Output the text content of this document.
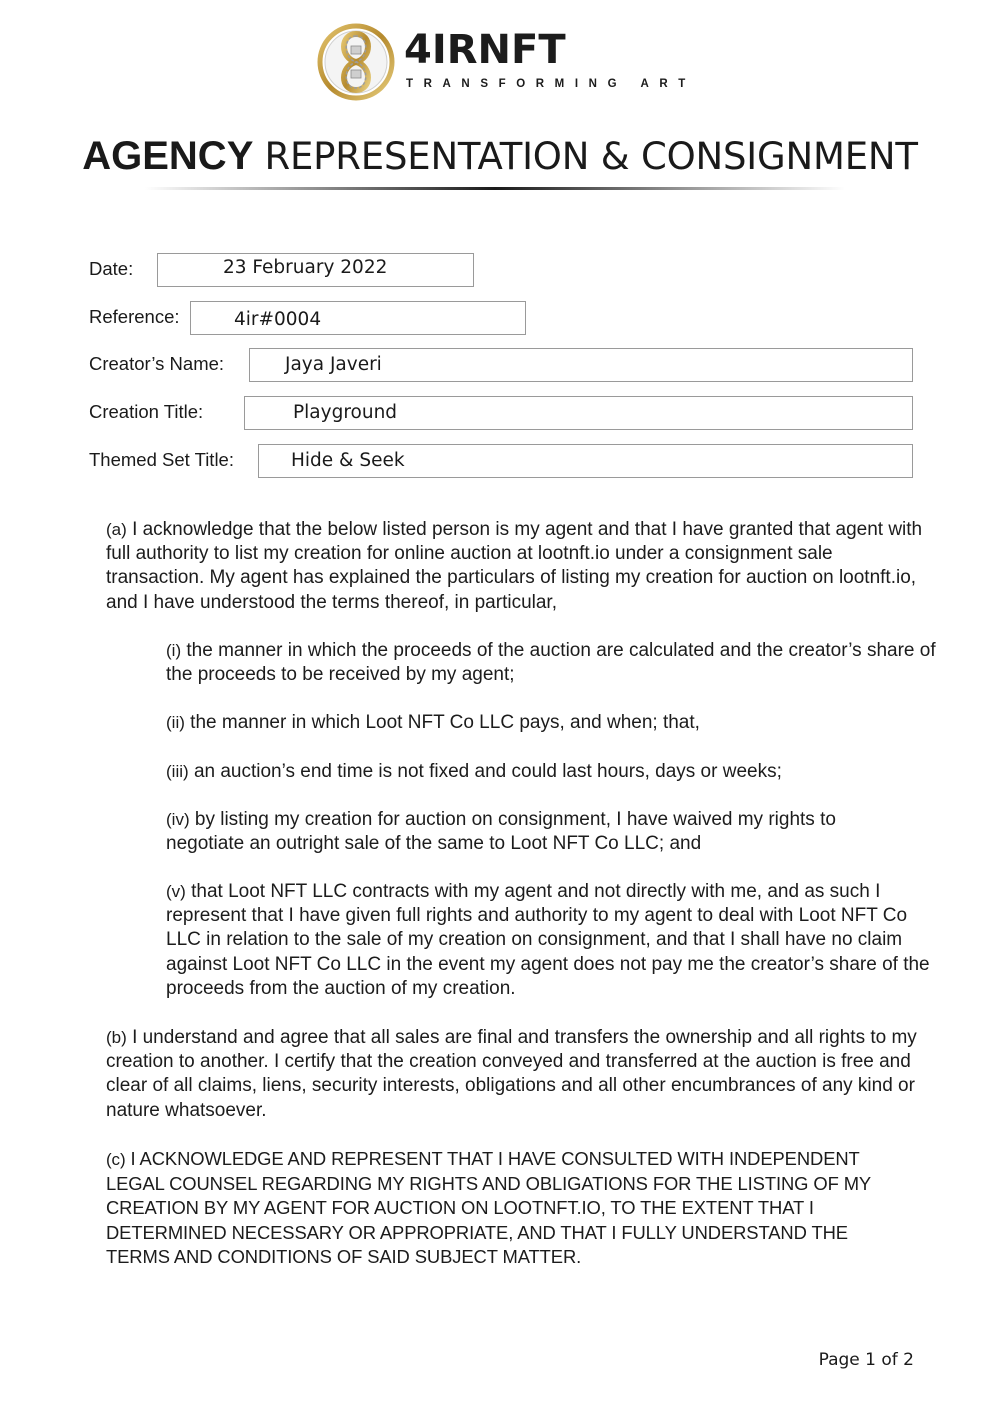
4IRNFT
TRANSFORMING ART
AGENCY REPRESENTATION & CONSIGNMENT
Date:	23 February 2022
Reference:	4ir#0004
Creator’s Name:	Jaya Javeri
Creation Title:	Playground
Themed Set Title:	Hide & Seek

(a) I acknowledge that the below listed person is my agent and that I have granted that agent with full authority to list my creation for online auction at lootnft.io under a consignment sale transaction. My agent has explained the particulars of listing my creation for auction on lootnft.io, and I have understood the terms thereof, in particular,

(i) the manner in which the proceeds of the auction are calculated and the creator’s share of the proceeds to be received by my agent;

(ii) the manner in which Loot NFT Co LLC pays, and when; that,

(iii) an auction’s end time is not fixed and could last hours, days or weeks;

(iv) by listing my creation for auction on consignment, I have waived my rights to negotiate an outright sale of the same to Loot NFT Co LLC; and

(v) that Loot NFT LLC contracts with my agent and not directly with me, and as such I represent that I have given full rights and authority to my agent to deal with Loot NFT Co LLC in relation to the sale of my creation on consignment, and that I shall have no claim against Loot NFT Co LLC in the event my agent does not pay me the creator’s share of the proceeds from the auction of my creation.

(b) I understand and agree that all sales are final and transfers the ownership and all rights to my creation to another. I certify that the creation conveyed and transferred at the auction is free and clear of all claims, liens, security interests, obligations and all other encumbrances of any kind or nature whatsoever.

(c) I ACKNOWLEDGE AND REPRESENT THAT I HAVE CONSULTED WITH INDEPENDENT LEGAL COUNSEL REGARDING MY RIGHTS AND OBLIGATIONS FOR THE LISTING OF MY CREATION BY MY AGENT FOR AUCTION ON LOOTNFT.IO, TO THE EXTENT THAT I DETERMINED NECESSARY OR APPROPRIATE, AND THAT I FULLY UNDERSTAND THE TERMS AND CONDITIONS OF SAID SUBJECT MATTER.

Page 1 of 2
